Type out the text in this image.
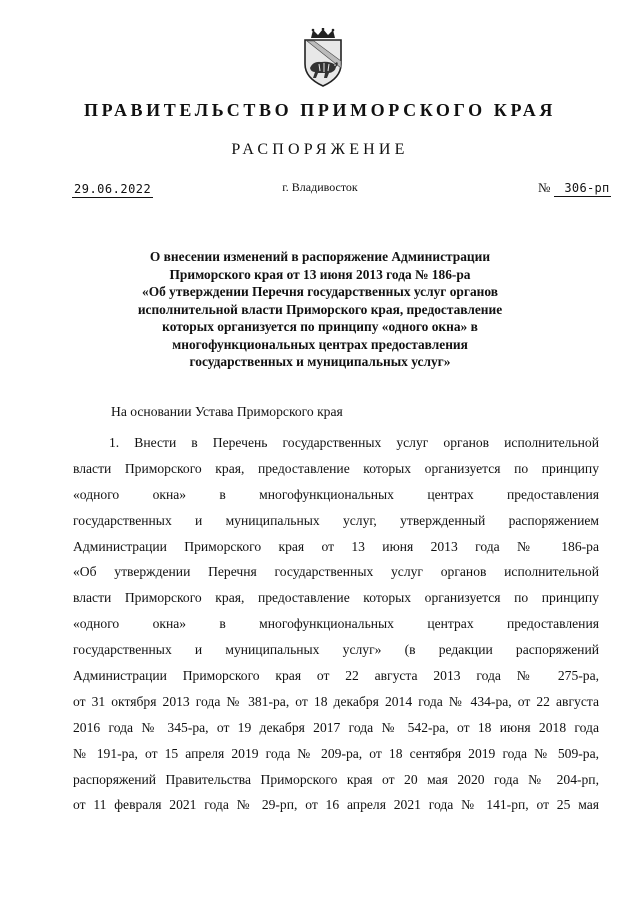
ПРАВИТЕЛЬСТВО ПРИМОРСКОГО КРАЯ
РАСПОРЯЖЕНИЕ
29.06.2022	г. Владивосток	№ 306-рп
О внесении изменений в распоряжение Администрации
Приморского края от 13 июня 2013 года № 186-ра
«Об утверждении Перечня государственных услуг органов
исполнительной власти Приморского края, предоставление
которых организуется по принципу «одного окна» в
многофункциональных центрах предоставления
государственных и муниципальных услуг»
На основании Устава Приморского края
1. Внести в Перечень государственных услуг органов исполнительной
власти Приморского края, предоставление которых организуется по принципу
«одного окна» в многофункциональных центрах предоставления
государственных и муниципальных услуг, утвержденный распоряжением
Администрации Приморского края от 13 июня 2013 года № 186-ра
«Об утверждении Перечня государственных услуг органов исполнительной
власти Приморского края, предоставление которых организуется по принципу
«одного окна» в многофункциональных центрах предоставления
государственных и муниципальных услуг» (в редакции распоряжений
Администрации Приморского края от 22 августа 2013 года № 275-ра,
от 31 октября 2013 года № 381-ра, от 18 декабря 2014 года № 434-ра, от 22 августа
2016 года № 345-ра, от 19 декабря 2017 года № 542-ра, от 18 июня 2018 года
№ 191-ра, от 15 апреля 2019 года № 209-ра, от 18 сентября 2019 года № 509-ра,
распоряжений Правительства Приморского края от 20 мая 2020 года № 204-рп,
от 11 февраля 2021 года № 29-рп, от 16 апреля 2021 года № 141-рп, от 25 мая
